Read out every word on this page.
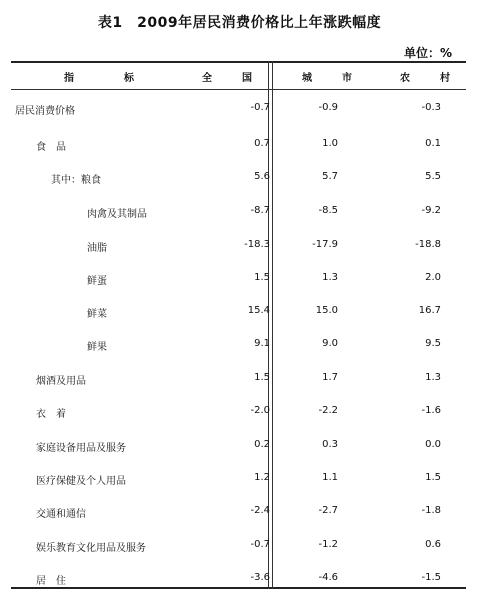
表1　2009年居民消费价格比上年涨跌幅度
单位：%
指　　标	全　国	城　市	农　村
居民消费价格	-0.7	-0.9	-0.3
食　品	0.7	1.0	0.1
其中：粮食	5.6	5.7	5.5
肉禽及其制品	-8.7	-8.5	-9.2
油脂	-18.3	-17.9	-18.8
鲜蛋	1.5	1.3	2.0
鲜菜	15.4	15.0	16.7
鲜果	9.1	9.0	9.5
烟酒及用品	1.5	1.7	1.3
衣　着	-2.0	-2.2	-1.6
家庭设备用品及服务	0.2	0.3	0.0
医疗保健及个人用品	1.2	1.1	1.5
交通和通信	-2.4	-2.7	-1.8
娱乐教育文化用品及服务	-0.7	-1.2	0.6
居　住	-3.6	-4.6	-1.5
